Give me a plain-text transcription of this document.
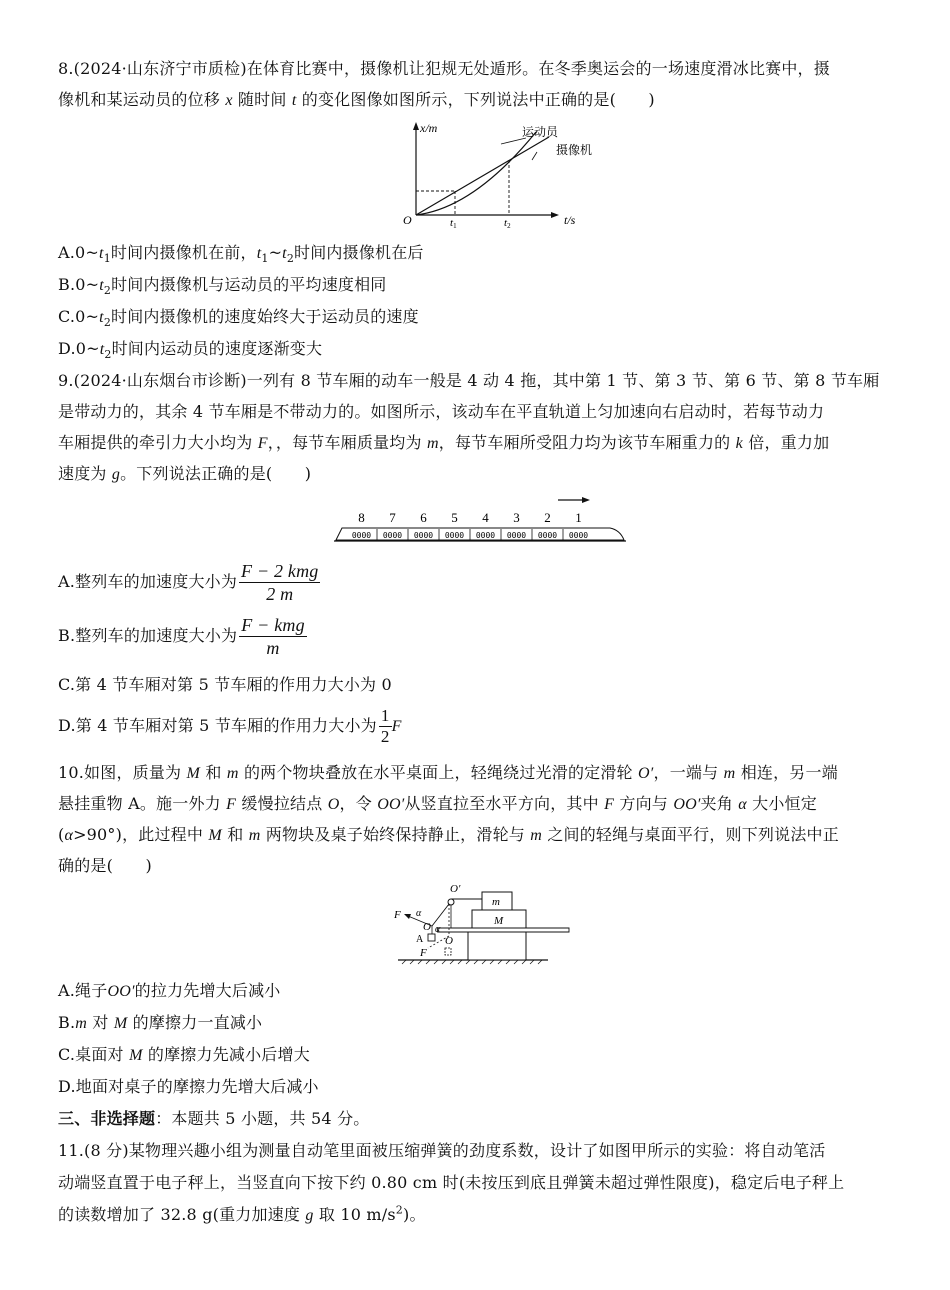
8.(2024·山东济宁市质检)在体育比赛中，摄像机让犯规无处遁形。在冬季奥运会的一场速度滑冰比赛中，摄
像机和某运动员的位移 x 随时间 t 的变化图像如图所示，下列说法中正确的是(　　)
x/m
t/s
O	t1	t2
运动员
摄像机
$A.0\sim t_1$时间内摄像机在前，$t_1\sim t_2$时间内摄像机在后
$B.0\sim t_2$时间内摄像机与运动员的平均速度相同
$C.0\sim t_2$时间内摄像机的速度始终大于运动员的速度
$D.0\sim t_2$时间内运动员的速度逐渐变大
9.(2024·山东烟台市诊断)一列有 8 节车厢的动车一般是 4 动 4 拖，其中第 1 节、第 3 节、第 6 节、第 8 节车厢
是带动力的，其余 4 节车厢是不带动力的。如图所示，该动车在平直轨道上匀加速向右启动时，若每节动力
车厢提供的牵引力大小均为 F，，每节车厢质量均为 m，每节车厢所受阻力均为该节车厢重力的 k 倍，重力加
速度为 g。下列说法正确的是(　　)
8
0000
7
0000
6
0000
5
0000
4
0000
3
0000
2
0000
1
0000
A.整列车的加速度大小为 $\frac{\text{F − 2 kmg}}{2 m}$
B.整列车的加速度大小为 $\frac{\text{F − kmg}}{m}$
C.第 4 节车厢对第 5 节车厢的作用力大小为 0
D.第 4 节车厢对第 5 节车厢的作用力大小为 $\frac{1}{2}$ F
10.如图，质量为 M 和 m 的两个物块叠放在水平桌面上，轻绳绕过光滑的定滑轮 O′，一端与 m 相连，另一端
悬挂重物 A。施一外力 F 缓慢拉结点 O，令 OO′从竖直拉至水平方向，其中 F 方向与 OO′夹角 α 大小恒定
(α>90°)，此过程中 M 和 m 两物块及桌子始终保持静止，滑轮与 m 之间的轻绳与桌面平行，则下列说法中正
确的是(　　)
O′
m
M
F α
O α
O
A
F
A.绳子OO′的拉力先增大后减小
B.m 对 M 的摩擦力一直减小
C.桌面对 M 的摩擦力先减小后增大
D.地面对桌子的摩擦力先增大后减小
三、非选择题：本题共 5 小题，共 54 分。
11.(8 分)某物理兴趣小组为测量自动笔里面被压缩弹簧的劲度系数，设计了如图甲所示的实验：将自动笔活
动端竖直置于电子秤上，当竖直向下按下约 0.80 cm 时(未按压到底且弹簧未超过弹性限度)，稳定后电子秤上
的读数增加了 32.8 g(重力加速度 g 取 10 $m/s^2$)。
